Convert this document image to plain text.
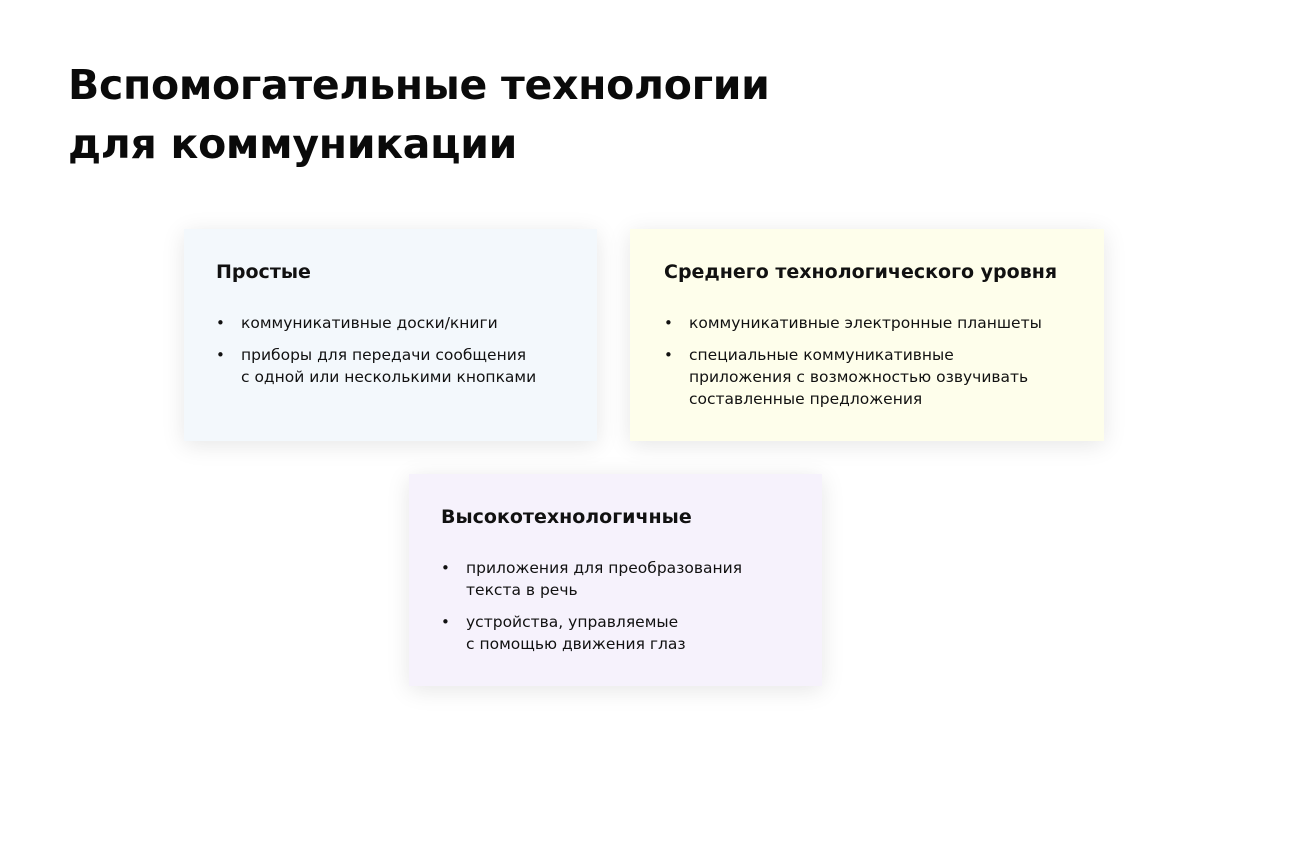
Вспомогательные технологии
для коммуникации
Простые
• коммуникативные доски/книги
• приборы для передачи сообщения
с одной или несколькими кнопками
Среднего технологического уровня
• коммуникативные электронные планшеты
• специальные коммуникативные
приложения с возможностью озвучивать
составленные предложения
Высокотехнологичные
• приложения для преобразования
текста в речь
• устройства, управляемые
с помощью движения глаз
